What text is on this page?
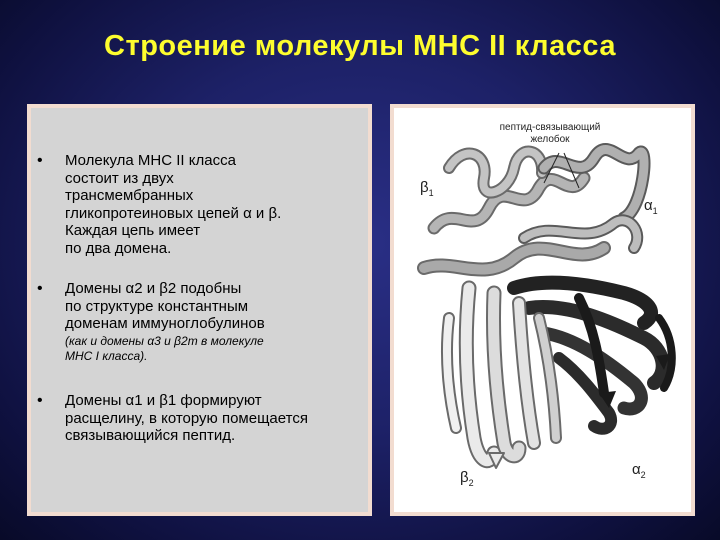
Строение молекулы МНС II класса
• Молекула МНС II класса
состоит из двух
трансмембранных
гликопротеиновых цепей α и β.
Каждая цепь имеет
по два домена.
• Домены α2 и β2 подобны
по структуре константным
доменам иммуноглобулинов
(как и домены α3 и β2m в молекуле
МНС I класса).
• Домены α1 и β1 формируют
расщелину, в которую помещается
связывающийся пептид.
пептид-связывающий
желобок

$\beta_1$

$\alpha_1$

$\beta_2$

$\alpha_2$
